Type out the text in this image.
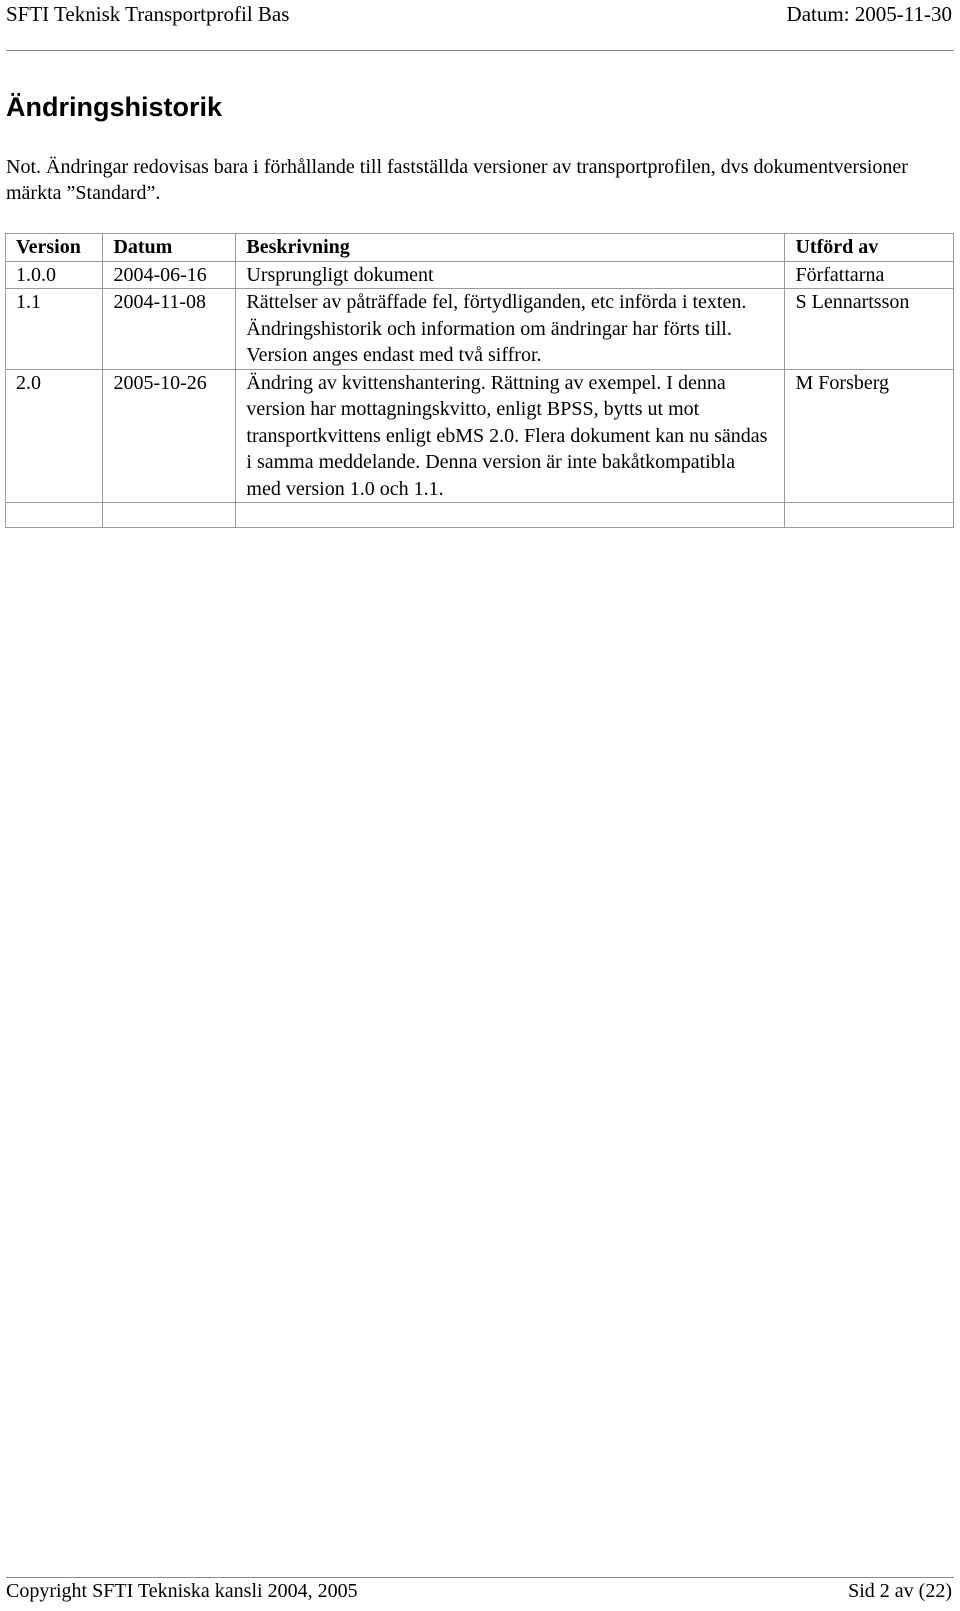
SFTI Teknisk Transportprofil Bas	Datum: 2005-11-30
Ändringshistorik

Not. Ändringar redovisas bara i förhållande till fastställda versioner av transportprofilen, dvs dokumentversioner märkta ”Standard”.

Version	Datum	Beskrivning	Utförd av
1.0.0	2004-06-16	Ursprungligt dokument	Författarna
1.1	2004-11-08	Rättelser av påträffade fel, förtydliganden, etc införda i texten. Ändringshistorik och information om ändringar har förts till. Version anges endast med två siffror.	S Lennartsson
2.0	2005-10-26	Ändring av kvittenshantering. Rättning av exempel. I denna version har mottagningskvitto, enligt BPSS, bytts ut mot transportkvittens enligt ebMS 2.0. Flera dokument kan nu sändas i samma meddelande. Denna version är inte bakåtkompatibla med version 1.0 och 1.1.	M Forsberg

Copyright SFTI Tekniska kansli 2004, 2005	Sid 2 av (22)
